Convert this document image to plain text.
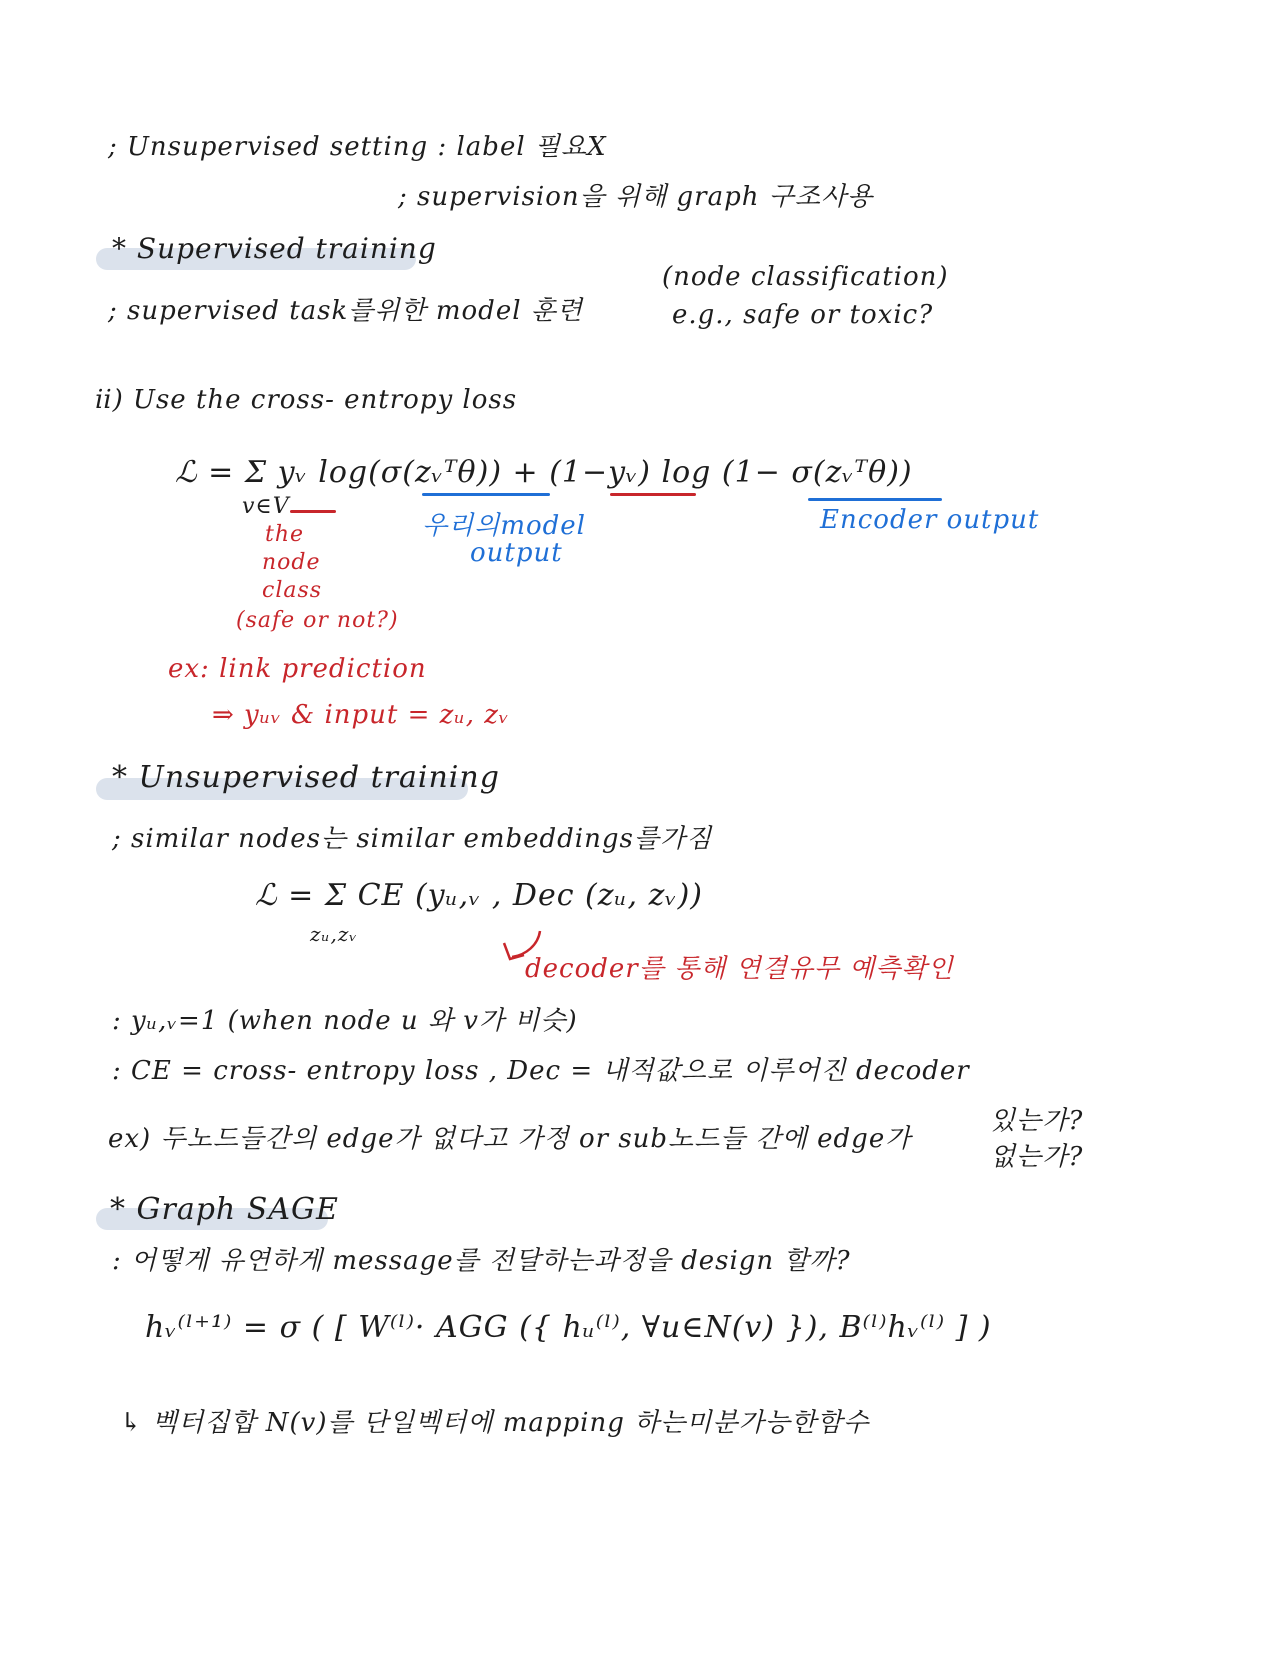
; Unsupervised setting : label 필요X
; supervision을 위해 graph 구조사용
* Supervised training
; supervised task를위한 model 훈련
(node classification)
e.g., safe or toxic?
ⅱ) Use the cross- entropy loss
ℒ = Σ yᵥ log(σ(zᵥᵀθ)) + (1−yᵥ) log (1− σ(zᵥᵀθ))
v∈V
우리의model
output
Encoder output
the
node
class
(safe or not?)
ex: link prediction
⇒ yᵤᵥ & input = zᵤ, zᵥ
* Unsupervised training
; similar nodes는 similar embeddings를가짐
ℒ = Σ CE (yᵤ,ᵥ , Dec (zᵤ, zᵥ))
zᵤ,zᵥ
decoder를 통해 연결유무 예측확인
: yᵤ,ᵥ=1 (when node u 와 v가 비슷)
: CE = cross- entropy loss , Dec = 내적값으로 이루어진 decoder
ex) 두노드들간의 edge가 없다고 가정 or sub노드들 간에 edge가
있는가?
없는가?
* Graph SAGE
: 어떻게 유연하게 message를 전달하는과정을 design 할까?
hᵥ⁽ˡ⁺¹⁾ = σ ( [ W⁽ˡ⁾· AGG ({ hᵤ⁽ˡ⁾, ∀u∈N(v) }), B⁽ˡ⁾hᵥ⁽ˡ⁾ ] )
↳ 벡터집합 N(v)를 단일벡터에 mapping 하는미분가능한함수
